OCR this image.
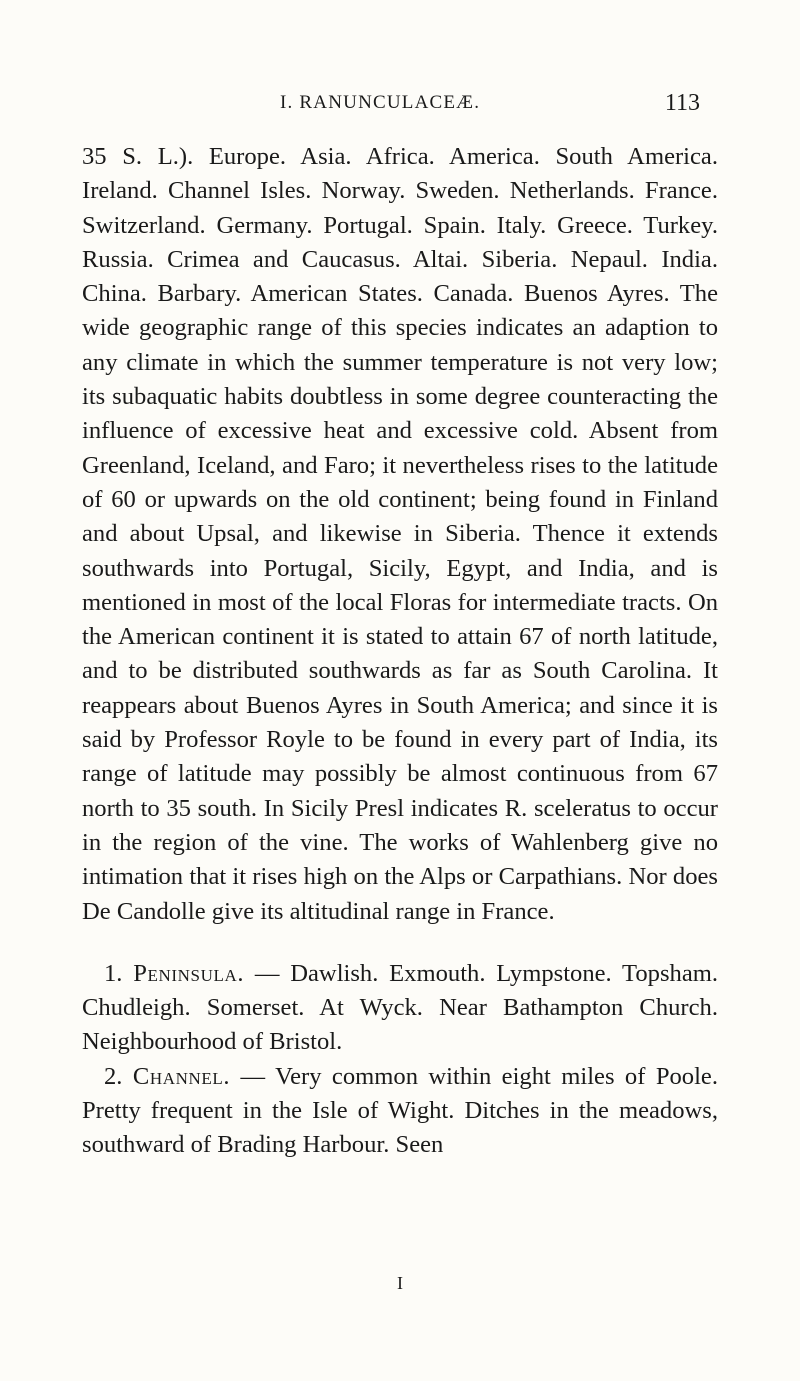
I. RANUNCULACEÆ.	113

35 S. L.). Europe. Asia. Africa. America. South America. Ireland. Channel Isles. Norway. Sweden. Netherlands. France. Switzerland. Germany. Portugal. Spain. Italy. Greece. Turkey. Russia. Crimea and Caucasus. Altai. Siberia. Nepaul. India. China. Barbary. American States. Canada. Buenos Ayres. The wide geographic range of this species indicates an adaption to any climate in which the summer temperature is not very low; its subaquatic habits doubtless in some degree counteracting the influence of excessive heat and excessive cold. Absent from Greenland, Iceland, and Faro; it nevertheless rises to the latitude of 60 or upwards on the old continent; being found in Finland and about Upsal, and likewise in Siberia. Thence it extends southwards into Portugal, Sicily, Egypt, and India, and is mentioned in most of the local Floras for intermediate tracts. On the American continent it is stated to attain 67 of north latitude, and to be distributed southwards as far as South Carolina. It reappears about Buenos Ayres in South America; and since it is said by Professor Royle to be found in every part of India, its range of latitude may possibly be almost continuous from 67 north to 35 south. In Sicily Presl indicates R. sceleratus to occur in the region of the vine. The works of Wahlenberg give no intimation that it rises high on the Alps or Carpathians. Nor does De Candolle give its altitudinal range in France.

1. Peninsula. — Dawlish. Exmouth. Lympstone. Topsham. Chudleigh. Somerset. At Wyck. Near Bathampton Church. Neighbourhood of Bristol.

2. Channel. — Very common within eight miles of Poole. Pretty frequent in the Isle of Wight. Ditches in the meadows, southward of Brading Harbour. Seen

I
